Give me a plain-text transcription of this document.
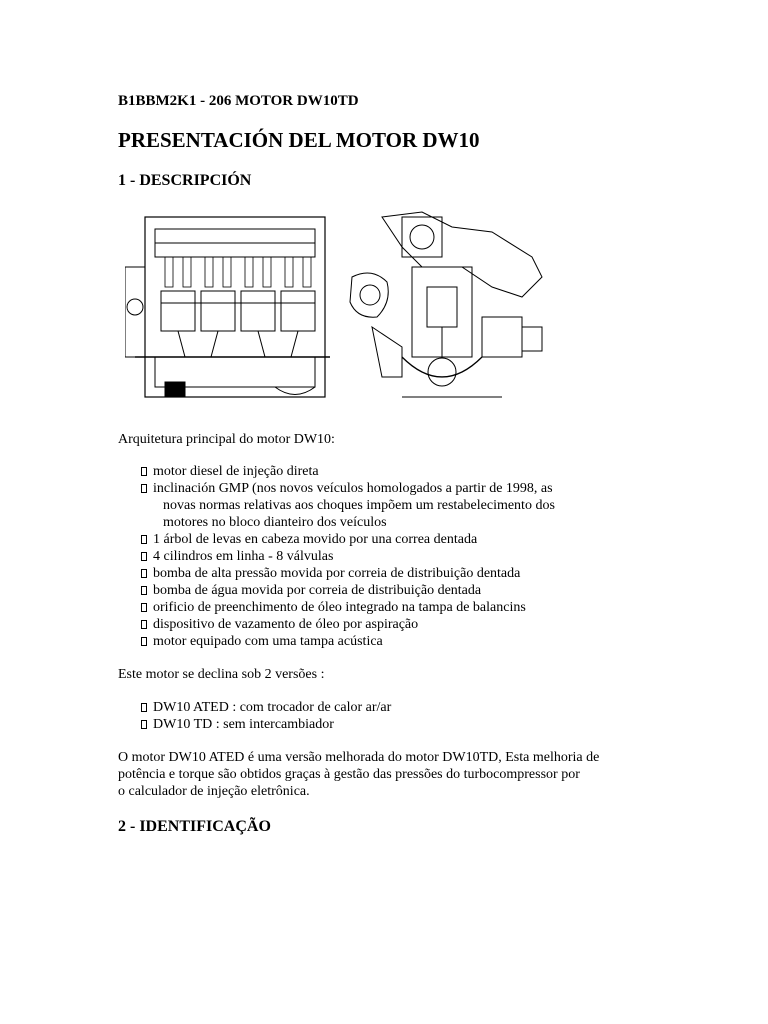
B1BBM2K1 - 206 MOTOR DW10TD
PRESENTACIÓN DEL MOTOR DW10
1 - DESCRIPCIÓN
Arquitetura principal do motor DW10:
motor diesel de injeção direta
inclinación GMP (nos novos veículos homologados a partir de 1998, as
novas normas relativas aos choques impõem um restabelecimento dos
motores no bloco dianteiro dos veículos
1 árbol de levas en cabeza movido por una correa dentada
4 cilindros em linha - 8 válvulas
bomba de alta pressão movida por correia de distribuição dentada
bomba de água movida por correia de distribuição dentada
orificio de preenchimento de óleo integrado na tampa de balancins
dispositivo de vazamento de óleo por aspiração
motor equipado com uma tampa acústica
Este motor se declina sob 2 versões :
DW10 ATED : com trocador de calor ar/ar
DW10 TD : sem intercambiador
O motor DW10 ATED é uma versão melhorada do motor DW10TD, Esta melhoria de
potência e torque são obtidos graças à gestão das pressões do turbocompressor por
o calculador de injeção eletrônica.
2 - IDENTIFICAÇÃO
